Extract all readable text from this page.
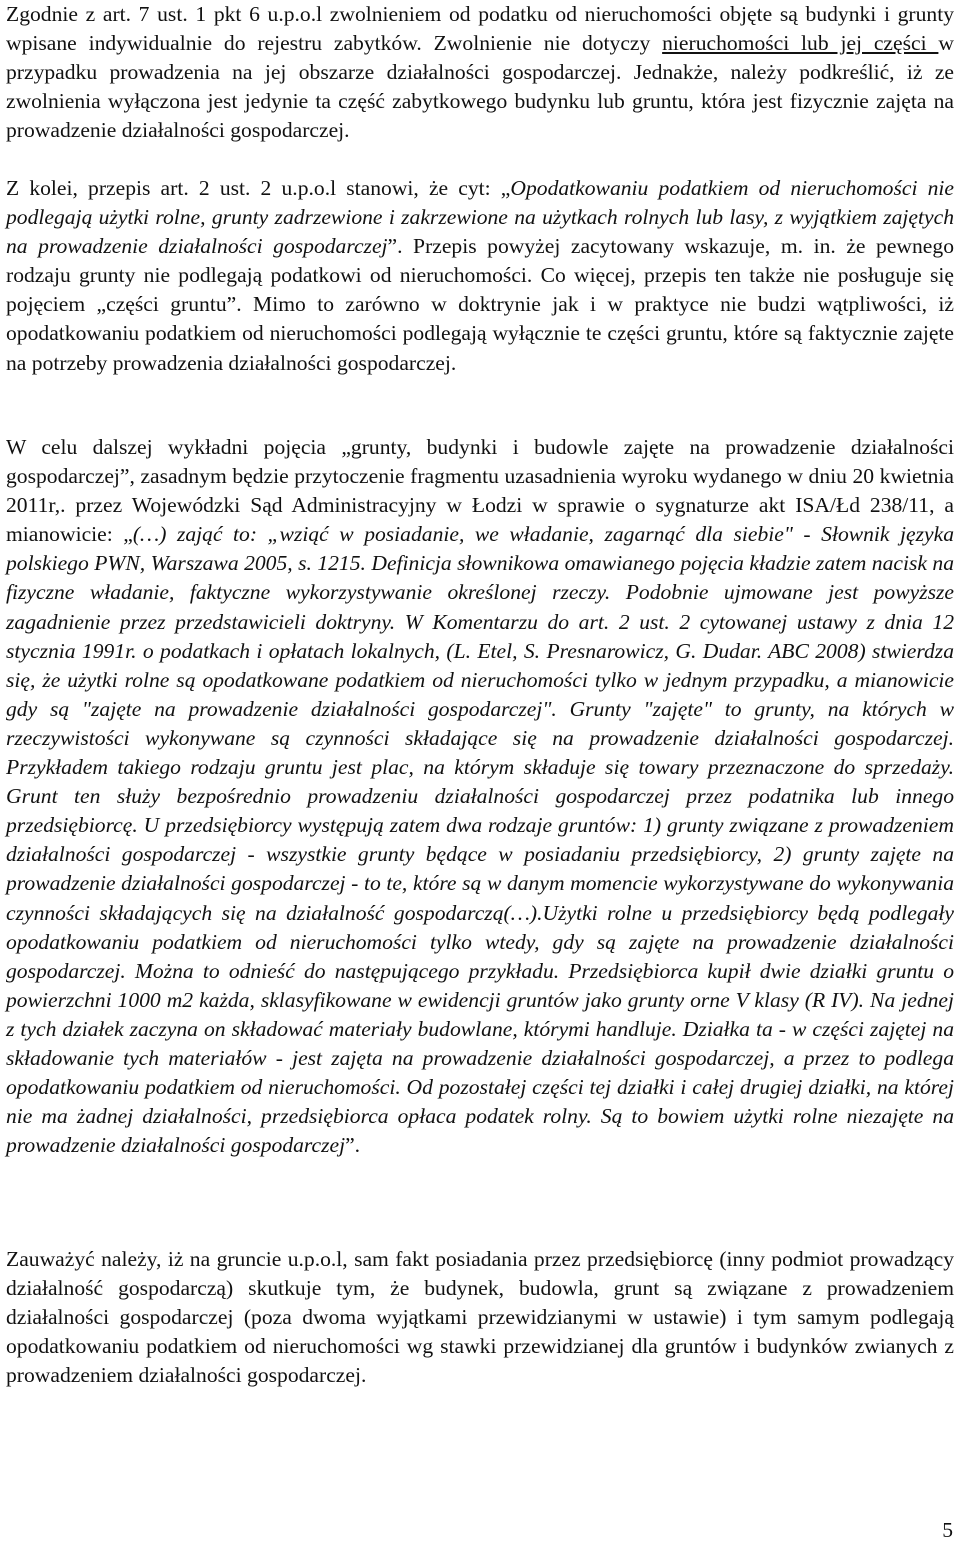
Zgodnie z art. 7 ust. 1 pkt 6 u.p.o.l zwolnieniem od podatku od nieruchomości objęte są budynki i grunty wpisane indywidualnie do rejestru zabytków. Zwolnienie nie dotyczy nieruchomości lub jej części w przypadku prowadzenia na jej obszarze działalności gospodarczej. Jednakże, należy podkreślić, iż ze zwolnienia wyłączona jest jedynie ta część zabytkowego budynku lub gruntu, która jest fizycznie zajęta na prowadzenie działalności gospodarczej.

Z kolei, przepis art. 2 ust. 2 u.p.o.l stanowi, że cyt: „Opodatkowaniu podatkiem od nieruchomości nie podlegają użytki rolne, grunty zadrzewione i zakrzewione na użytkach rolnych lub lasy, z wyjątkiem zajętych na prowadzenie działalności gospodarczej”. Przepis powyżej zacytowany wskazuje, m. in. że pewnego rodzaju grunty nie podlegają podatkowi od nieruchomości. Co więcej, przepis ten także nie posługuje się pojęciem „części gruntu”. Mimo to zarówno w doktrynie jak i w praktyce nie budzi wątpliwości, iż opodatkowaniu podatkiem od nieruchomości podlegają wyłącznie te części gruntu, które są faktycznie zajęte na potrzeby prowadzenia działalności gospodarczej.

W celu dalszej wykładni pojęcia „grunty, budynki i budowle zajęte na prowadzenie działalności gospodarczej”, zasadnym będzie przytoczenie fragmentu uzasadnienia wyroku wydanego w dniu 20 kwietnia 2011r,. przez Wojewódzki Sąd Administracyjny w Łodzi w sprawie o sygnaturze akt ISA/Łd 238/11, a mianowicie: „(…) zająć to: „wziąć w posiadanie, we władanie, zagarnąć dla siebie" - Słownik języka polskiego PWN, Warszawa 2005, s. 1215. Definicja słownikowa omawianego pojęcia kładzie zatem nacisk na fizyczne władanie, faktyczne wykorzystywanie określonej rzeczy. Podobnie ujmowane jest powyższe zagadnienie przez przedstawicieli doktryny. W Komentarzu do art. 2 ust. 2 cytowanej ustawy z dnia 12 stycznia 1991r. o podatkach i opłatach lokalnych, (L. Etel, S. Presnarowicz, G. Dudar. ABC 2008) stwierdza się, że użytki rolne są opodatkowane podatkiem od nieruchomości tylko w jednym przypadku, a mianowicie gdy są "zajęte na prowadzenie działalności gospodarczej". Grunty "zajęte" to grunty, na których w rzeczywistości wykonywane są czynności składające się na prowadzenie działalności gospodarczej. Przykładem takiego rodzaju gruntu jest plac, na którym składuje się towary przeznaczone do sprzedaży. Grunt ten służy bezpośrednio prowadzeniu działalności gospodarczej przez podatnika lub innego przedsiębiorcę. U przedsiębiorcy występują zatem dwa rodzaje gruntów: 1) grunty związane z prowadzeniem działalności gospodarczej - wszystkie grunty będące w posiadaniu przedsiębiorcy, 2) grunty zajęte na prowadzenie działalności gospodarczej - to te, które są w danym momencie wykorzystywane do wykonywania czynności składających się na działalność gospodarczą(…).Użytki rolne u przedsiębiorcy będą podlegały opodatkowaniu podatkiem od nieruchomości tylko wtedy, gdy są zajęte na prowadzenie działalności gospodarczej. Można to odnieść do następującego przykładu. Przedsiębiorca kupił dwie działki gruntu o powierzchni 1000 m2 każda, sklasyfikowane w ewidencji gruntów jako grunty orne V klasy (R IV). Na jednej z tych działek zaczyna on składować materiały budowlane, którymi handluje. Działka ta - w części zajętej na składowanie tych materiałów - jest zajęta na prowadzenie działalności gospodarczej, a przez to podlega opodatkowaniu podatkiem od nieruchomości. Od pozostałej części tej działki i całej drugiej działki, na której nie ma żadnej działalności, przedsiębiorca opłaca podatek rolny. Są to bowiem użytki rolne niezajęte na prowadzenie działalności gospodarczej”.

Zauważyć należy, iż na gruncie u.p.o.l, sam fakt posiadania przez przedsiębiorcę (inny podmiot prowadzący działalność gospodarczą) skutkuje tym, że budynek, budowla, grunt są związane z prowadzeniem działalności gospodarczej (poza dwoma wyjątkami przewidzianymi w ustawie) i tym samym podlegają opodatkowaniu podatkiem od nieruchomości wg stawki przewidzianej dla gruntów i budynków zwianych z prowadzeniem działalności gospodarczej.

5
